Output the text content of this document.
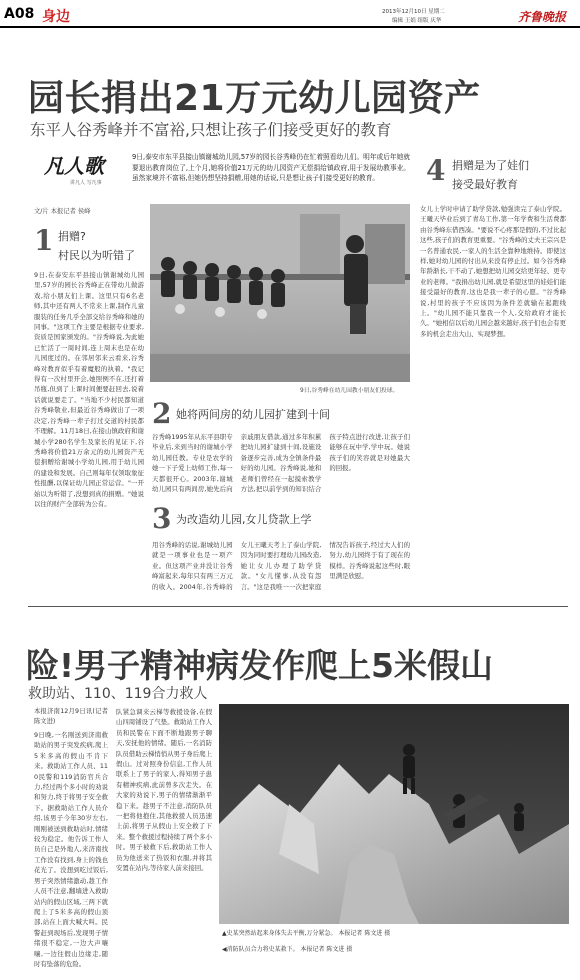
A08 身边	2013年12月10日 星期二
编辑 王娟 组版 庆华	齐鲁晚报
园长捐出21万元幼儿园资产
东平人谷秀峰并不富裕,只想让孩子们接受更好的教育
凡人歌
讲凡人 写凡事
9日,泰安市东平县接山镇谢城幼儿园,57岁的园长谷秀峰仍在忙着照看幼儿们。明年或后年她就要退出教育岗位了,上个月,她将价值21万元的幼儿园资产无偿捐给镇政府,用于发展幼教事业。虽然家境并不富裕,但她仍想坚持捐赠,用她的话说,只是想让孩子们接受更好的教育。	4 捐赠是为了娃们
接受最好教育
文/片 本报记者 侯峰
1 捐赠?
村民以为听错了
9日,在泰安东平县接山镇谢城幼儿园里,57岁的园长谷秀峰正在带幼儿做游戏,给小朋友们上课。这里只有6名老师,其中还有两人不常来上课,制作儿童服装的任务几乎全部交给谷秀峰和她的同事。"这项工作主要是根据专业要求,资质是国家颁发的。"谷秀峰说,为此她已忙活了一周时间,连上周末也是在幼儿园度过的。在邻居邻来云看来,谷秀峰对教育似乎有着魔般的执着。"我记得有一次村里开会,她照例不在,还打着吊瓶,但到了上课时间便要赶回去,说着话就说要走了。"当地不少村民都知道谷秀峰敬业,但最近谷秀峰做出了一项决定,谷秀峰一辈子打过交道的村民都不理解。11月18日,在接山镇政府和谢城小学280名学生及家长的见证下,谷秀峰将价值21万余元的幼儿园资产无偿捐赠给谢城小学幼儿园,用于幼儿园的建设和发展。自己则每年仅领取象征性报酬,以保证幼儿园正常运营。"一开始以为听错了,没想到真的捐赠。"她说以往的财产全部转为公有。
9日,谷秀峰在幼儿园教小朋友们投球。
2 她将两间房的幼儿园扩建到十间
谷秀峰1995年从东平县职专毕业后,来到当时的谢城小学幼儿园任教。专业是农学的她一下子爱上幼师工作,每一天都很开心。2003年,谢城幼儿园只有两间房,她先后向亲戚朋友借款,通过多年积累把幼儿园扩建到十间,设施设备逐步完善,成为全镇条件最好的幼儿园。谷秀峰说,她和老师们曾经在一起摸索教学方法,把以前学到的知识结合孩子特点进行改进,让孩子们能够在玩中学,学中玩。她说孩子们的笑容就是对她最大的回报。
3 为改造幼儿园,女儿贷款上学
用谷秀峰的话说,谢城幼儿园就是一项事业也是一项产业。但这项产业并没让谷秀峰富起来,每年只有两三万元的收入。2004年,谷秀峰的女儿王曦天考上了泰山学院,因为同时要打理幼儿园改造,她让女儿办理了助学贷款。"女儿懂事,从没有怨言。"这是我唯一一次把家庭情况告诉孩子,经过大人们的努力,幼儿园终于有了现在的模样。谷秀峰说起这些时,眼里满是欣慰。
女儿上学时申请了助学贷款,勉强读完了泰山学院。王曦天毕业后到了青岛工作,第一年学费和生活费都由谷秀峰东借西凑。"要说不心疼那是假的,不过比起这些,孩子们的教育更重要。"谷秀峰的丈夫王宗兴是一名普通农民,一家人的生活全靠种地维持。即使这样,她对幼儿园的付出从来没有停止过。如今谷秀峰年龄渐长,干不动了,她想把幼儿园交给更年轻、更专业的老师。"我捐出幼儿园,就是希望这里的娃娃们能接受最好的教育,这也是我一辈子的心愿。"谷秀峰说,村里的孩子不应该因为条件差就输在起跑线上。"幼儿园不能只靠我一个人,交给政府才能长久。"她相信以后幼儿园会越来越好,孩子们也会有更多的机会走出大山、实现梦想。
险!男子精神病发作爬上5米假山
救助站、110、119合力救人
本报济南12月9日讯(记者 陈文进)
9日晚,一名刚送到济南救助站的男子突发疾病,爬上5米多高的假山不肯下来。救助站工作人员、110民警和119消防官兵合力,经过两个多小时的劝说和努力,终于将男子安全救下。据救助站工作人员介绍,该男子今年30岁左右,刚刚被送到救助站时,情绪较为稳定。他告诉工作人员自己是外地人,来济南找工作没有找到,身上的钱也花光了。没想到吃过饭后,男子突然情绪激动,趁工作人员不注意,翻墙进入救助站内的假山区域,三两下就爬上了5米多高的假山顶部,站在上面大喊大叫。民警赶到现场后,发现男子情绪很不稳定,一边大声嚷嚷,一边往假山边缘走,随时有坠落的危险。
队紧急调来云梯等救援设备,在假山四周铺设了气垫。救助站工作人员和民警在下面不断地跟男子聊天,安抚他的情绪。随后,一名消防队员借助云梯悄悄从男子身后爬上假山。过对照身份信息,工作人员联系上了男子的家人,得知男子患有精神疾病,此前曾多次走失。在大家的劝说下,男子的情绪渐渐平稳下来。趁男子不注意,消防队员一把将他抱住,其他救援人员迅速上前,将男子从假山上安全救了下来。整个救援过程持续了两个多小时。男子被救下后,救助站工作人员为他送来了热饭和衣服,并将其安置在站内,等待家人前来接回。
▲史某突然站起来身体失去平衡,万分紧急。 本报记者 陈文进 摄
◀消防队员合力将史某救下。 本报记者 陈文进 摄
